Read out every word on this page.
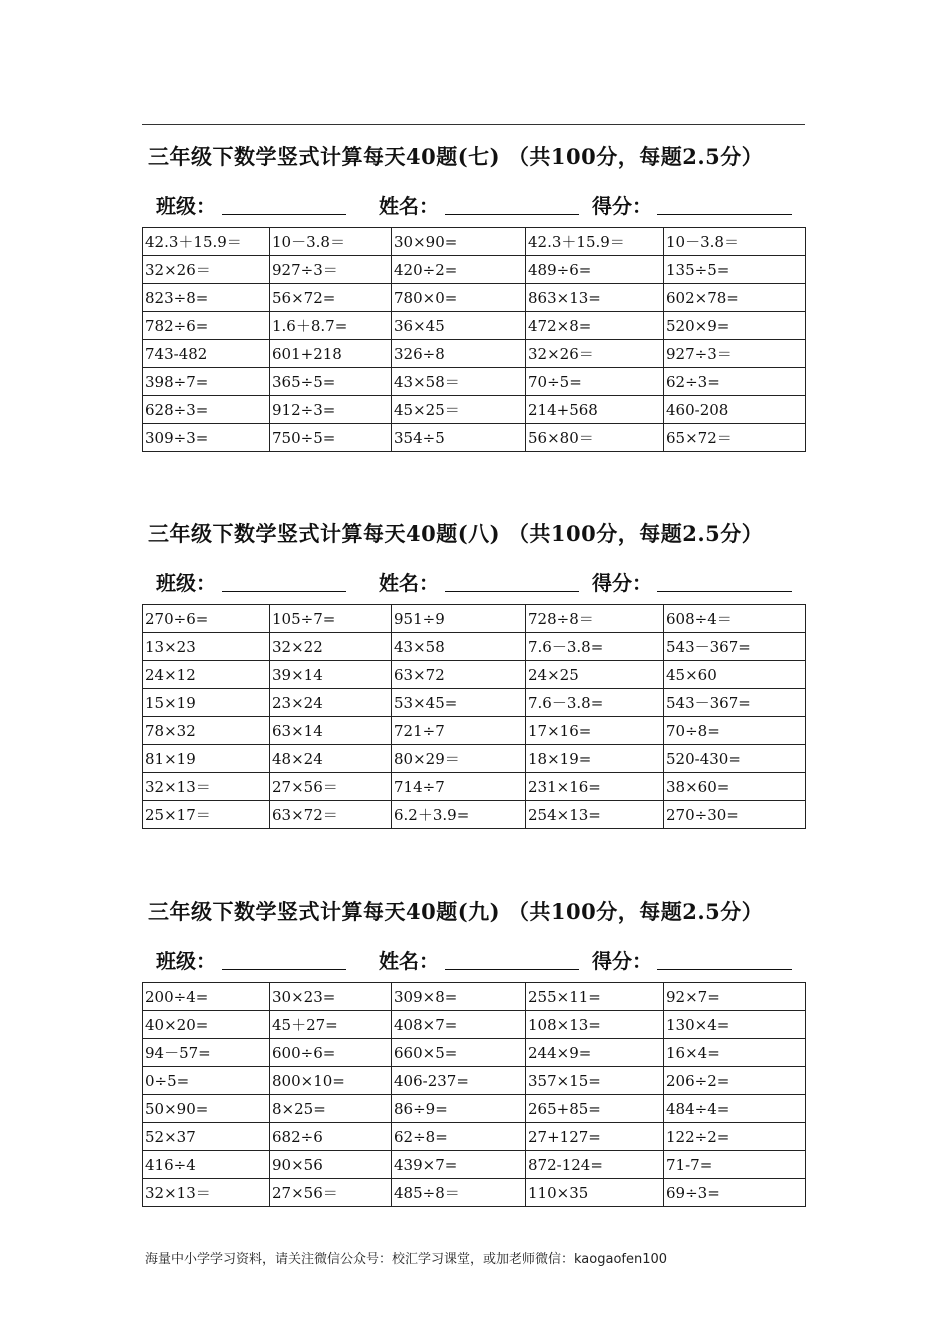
三年级下数学竖式计算每天40题(七) （共100分，每题2.5分）
班级：	姓名：	得分：
42.3＋15.9＝	10－3.8＝	30×90=	42.3＋15.9＝	10－3.8＝
32×26＝	927÷3＝	420÷2=	489÷6=	135÷5=
823÷8=	56×72=	780×0=	863×13=	602×78=
782÷6=	1.6＋8.7=	36×45	472×8=	520×9=
743-482	601+218	326÷8	32×26＝	927÷3＝
398÷7=	365÷5=	43×58＝	70÷5=	62÷3=
628÷3=	912÷3=	45×25＝	214+568	460-208
309÷3=	750÷5=	354÷5	56×80＝	65×72＝
三年级下数学竖式计算每天40题(八) （共100分，每题2.5分）
班级：	姓名：	得分：
270÷6=	105÷7=	951÷9	728÷8＝	608÷4＝
13×23	32×22	43×58	7.6－3.8=	543－367=
24×12	39×14	63×72	24×25	45×60
15×19	23×24	53×45=	7.6－3.8=	543－367=
78×32	63×14	721÷7	17×16=	70÷8=
81×19	48×24	80×29＝	18×19=	520-430=
32×13＝	27×56＝	714÷7	231×16=	38×60=
25×17＝	63×72＝	6.2＋3.9=	254×13=	270÷30=
三年级下数学竖式计算每天40题(九) （共100分，每题2.5分）
班级：	姓名：	得分：
200÷4=	30×23=	309×8=	255×11=	92×7=
40×20=	45＋27=	408×7=	108×13=	130×4=
94－57=	600÷6=	660×5=	244×9=	16×4=
0÷5=	800×10=	406-237=	357×15=	206÷2=
50×90=	8×25=	86÷9=	265+85=	484÷4=
52×37	682÷6	62÷8=	27+127=	122÷2=
416÷4	90×56	439×7=	872-124=	71-7=
32×13＝	27×56＝	485÷8＝	110×35	69÷3=
海量中小学学习资料，请关注微信公众号：校汇学习课堂，或加老师微信：kaogaofen100
